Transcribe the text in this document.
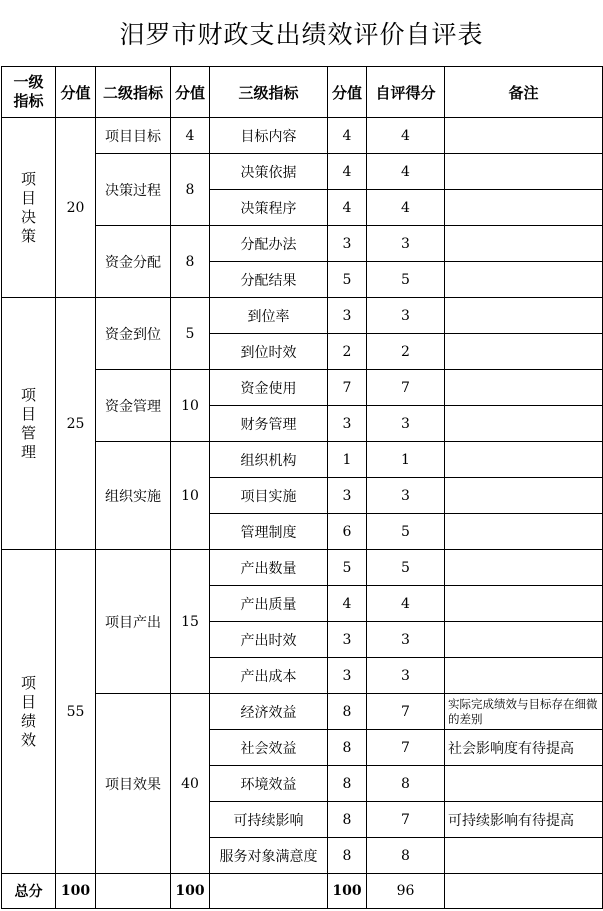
汨罗市财政支出绩效评价自评表
一级指标	分值	二级指标	分值	三级指标	分值	自评得分	备注
项目决策	20	项目目标	4	目标内容	4	4	
		决策过程	8	决策依据	4	4	
				决策程序	4	4	
		资金分配	8	分配办法	3	3	
				分配结果	5	5	
项目管理	25	资金到位	5	到位率	3	3	
				到位时效	2	2	
		资金管理	10	资金使用	7	7	
				财务管理	3	3	
		组织实施	10	组织机构	1	1	
				项目实施	3	3	
				管理制度	6	5	
项目绩效	55	项目产出	15	产出数量	5	5	
				产出质量	4	4	
				产出时效	3	3	
				产出成本	3	3	
		项目效果	40	经济效益	8	7	实际完成绩效与目标存在细微的差别
				社会效益	8	7	社会影响度有待提高
				环境效益	8	8	
				可持续影响	8	7	可持续影响有待提高
				服务对象满意度	8	8	
总分	100		100		100	96	
